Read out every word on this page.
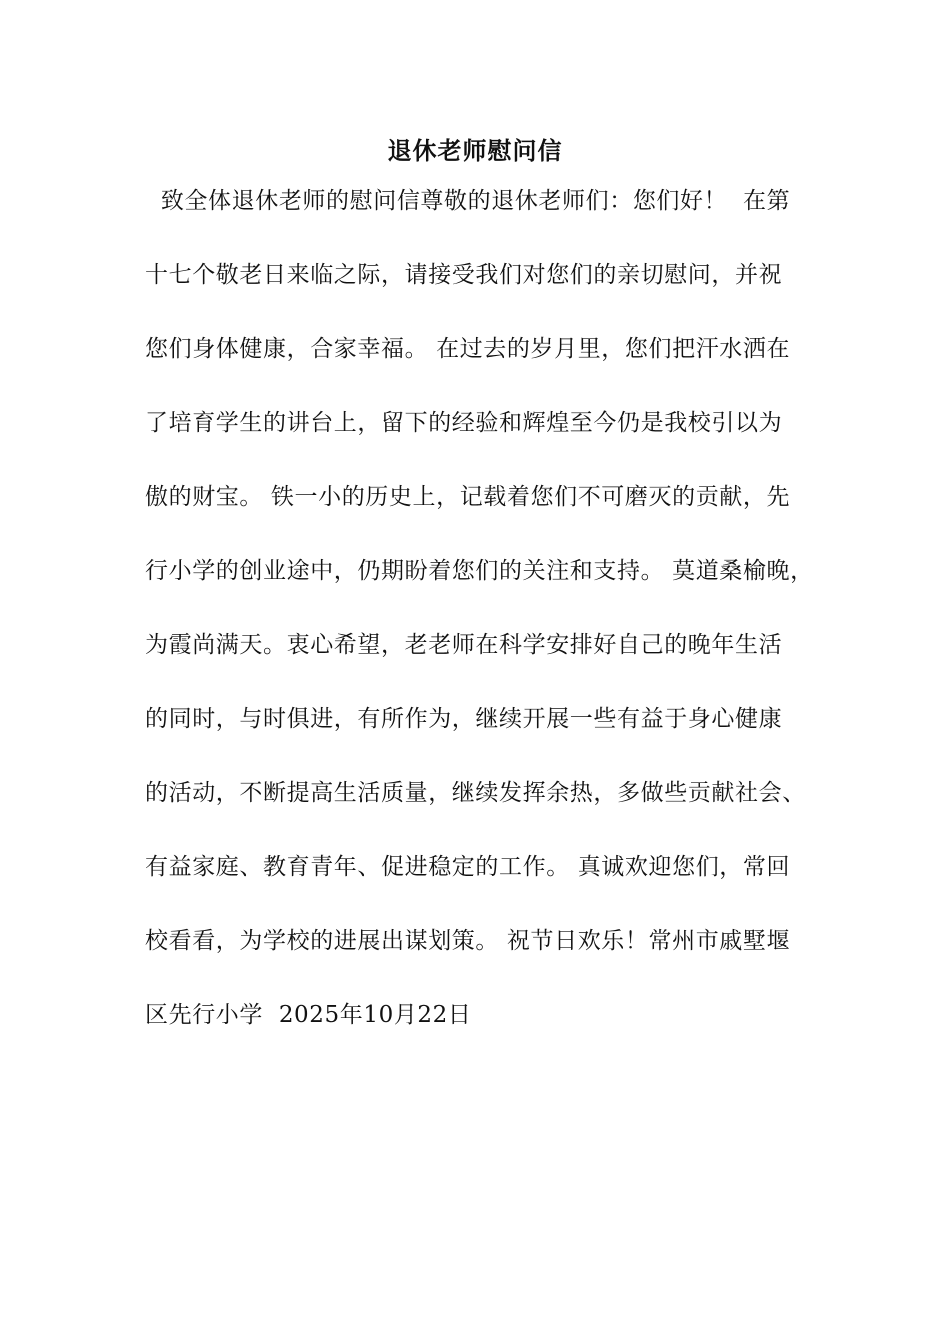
退休老师慰问信
致全体退休老师的慰问信尊敬的退休老师们：您们好！  在第
十七个敬老日来临之际，请接受我们对您们的亲切慰问，并祝
您们身体健康，合家幸福。 在过去的岁月里，您们把汗水洒在
了培育学生的讲台上，留下的经验和辉煌至今仍是我校引以为
傲的财宝。 铁一小的历史上，记载着您们不可磨灭的贡献，先
行小学的创业途中，仍期盼着您们的关注和支持。 莫道桑榆晚，
为霞尚满天。衷心希望，老老师在科学安排好自己的晚年生活
的同时，与时俱进，有所作为，继续开展一些有益于身心健康
的活动，不断提高生活质量，继续发挥余热，多做些贡献社会、
有益家庭、教育青年、促进稳定的工作。 真诚欢迎您们，常回
校看看，为学校的进展出谋划策。 祝节日欢乐！常州市戚墅堰
区先行小学  2025年10月22日
